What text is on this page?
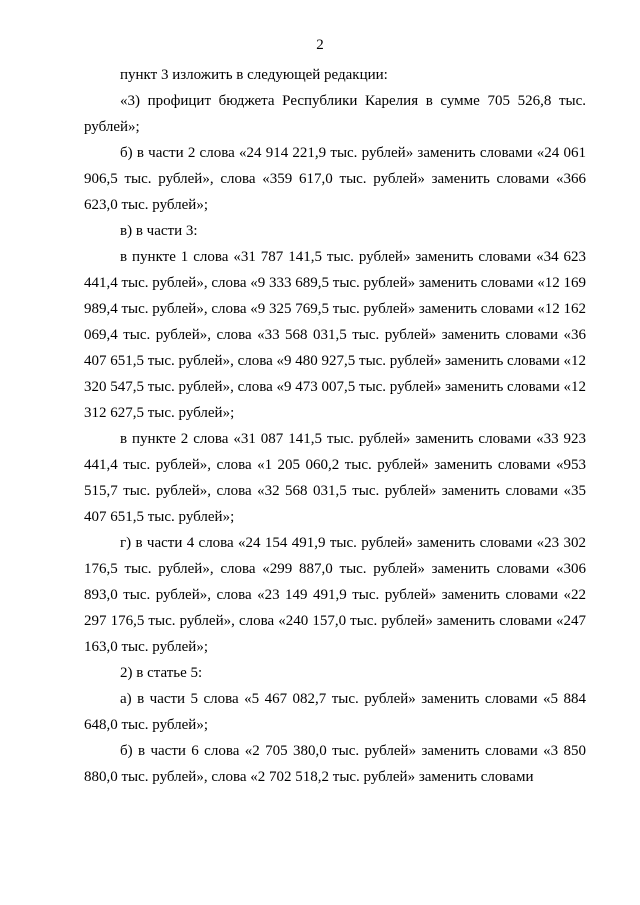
2

пункт 3 изложить в следующей редакции:

«3) профицит бюджета Республики Карелия в сумме 705 526,8 тыс. рублей»;

б) в части 2 слова «24 914 221,9 тыс. рублей» заменить словами «24 061 906,5 тыс. рублей», слова «359 617,0 тыс. рублей» заменить словами «366 623,0 тыс. рублей»;

в) в части 3:

в пункте 1 слова «31 787 141,5 тыс. рублей» заменить словами «34 623 441,4 тыс. рублей», слова «9 333 689,5 тыс. рублей» заменить словами «12 169 989,4 тыс. рублей», слова «9 325 769,5 тыс. рублей» заменить словами «12 162 069,4 тыс. рублей», слова «33 568 031,5 тыс. рублей» заменить словами «36 407 651,5 тыс. рублей», слова «9 480 927,5 тыс. рублей» заменить словами «12 320 547,5 тыс. рублей», слова «9 473 007,5 тыс. рублей» заменить словами «12 312 627,5 тыс. рублей»;

в пункте 2 слова «31 087 141,5 тыс. рублей» заменить словами «33 923 441,4 тыс. рублей», слова «1 205 060,2 тыс. рублей» заменить словами «953 515,7 тыс. рублей», слова «32 568 031,5 тыс. рублей» заменить словами «35 407 651,5 тыс. рублей»;

г) в части 4 слова «24 154 491,9 тыс. рублей» заменить словами «23 302 176,5 тыс. рублей», слова «299 887,0 тыс. рублей» заменить словами «306 893,0 тыс. рублей», слова «23 149 491,9 тыс. рублей» заменить словами «22 297 176,5 тыс. рублей», слова «240 157,0 тыс. рублей» заменить словами «247 163,0 тыс. рублей»;

2) в статье 5:

а) в части 5 слова «5 467 082,7 тыс. рублей» заменить словами «5 884 648,0 тыс. рублей»;

б) в части 6 слова «2 705 380,0 тыс. рублей» заменить словами «3 850 880,0 тыс. рублей», слова «2 702 518,2 тыс. рублей» заменить словами
